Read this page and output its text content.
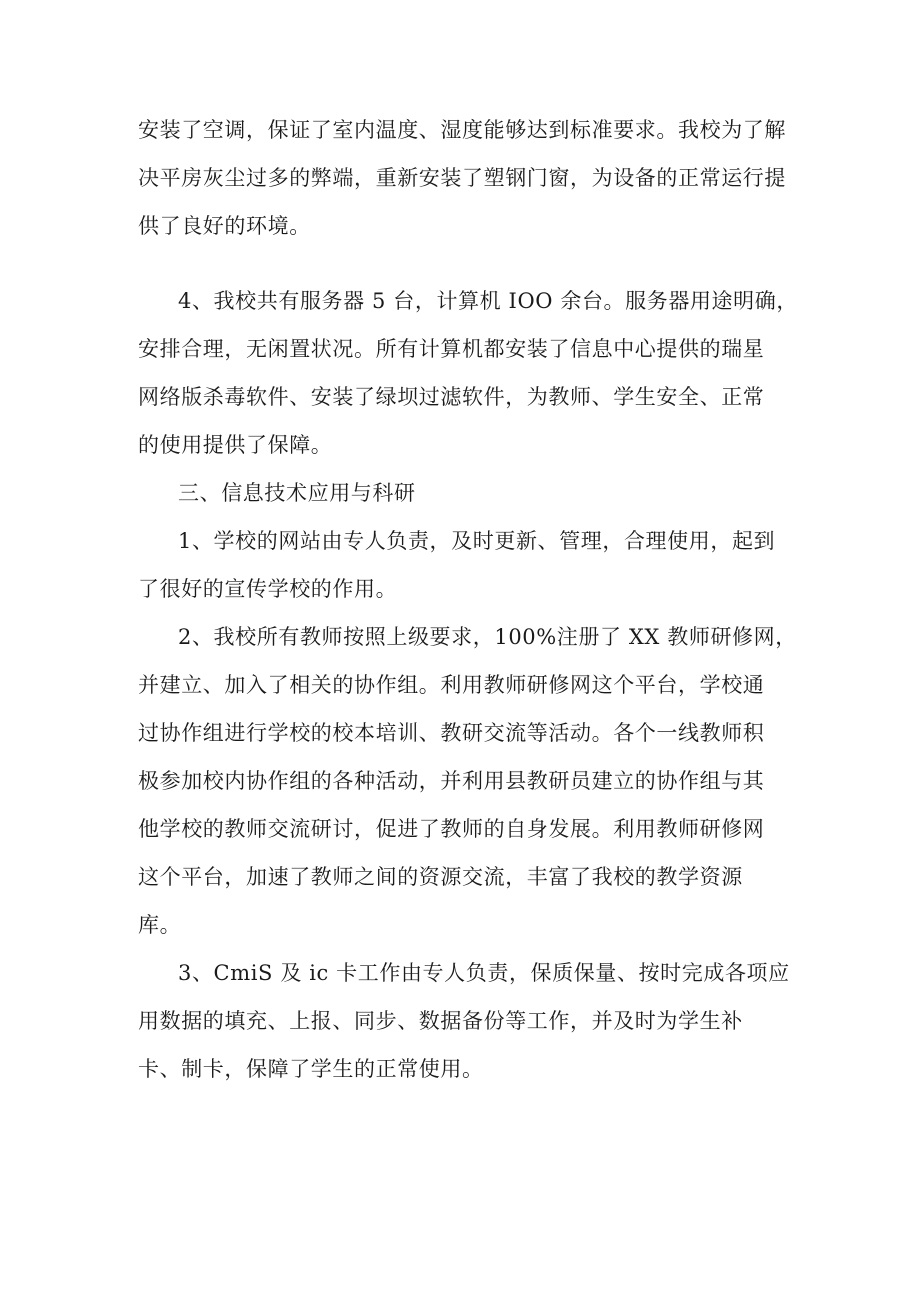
安装了空调，保证了室内温度、湿度能够达到标准要求。我校为了解

决平房灰尘过多的弊端，重新安装了塑钢门窗，为设备的正常运行提

供了良好的环境。

4、我校共有服务器 5 台，计算机 IOO 余台。服务器用途明确，

安排合理，无闲置状况。所有计算机都安装了信息中心提供的瑞星

网络版杀毒软件、安装了绿坝过滤软件，为教师、学生安全、正常

的使用提供了保障。

三、信息技术应用与科研

1、学校的网站由专人负责，及时更新、管理，合理使用，起到

了很好的宣传学校的作用。

2、我校所有教师按照上级要求，100%注册了 XX 教师研修网，

并建立、加入了相关的协作组。利用教师研修网这个平台，学校通

过协作组进行学校的校本培训、教研交流等活动。各个一线教师积

极参加校内协作组的各种活动，并利用县教研员建立的协作组与其

他学校的教师交流研讨，促进了教师的自身发展。利用教师研修网

这个平台，加速了教师之间的资源交流，丰富了我校的教学资源

库。

3、CmiS 及 ic 卡工作由专人负责，保质保量、按时完成各项应

用数据的填充、上报、同步、数据备份等工作，并及时为学生补

卡、制卡，保障了学生的正常使用。
